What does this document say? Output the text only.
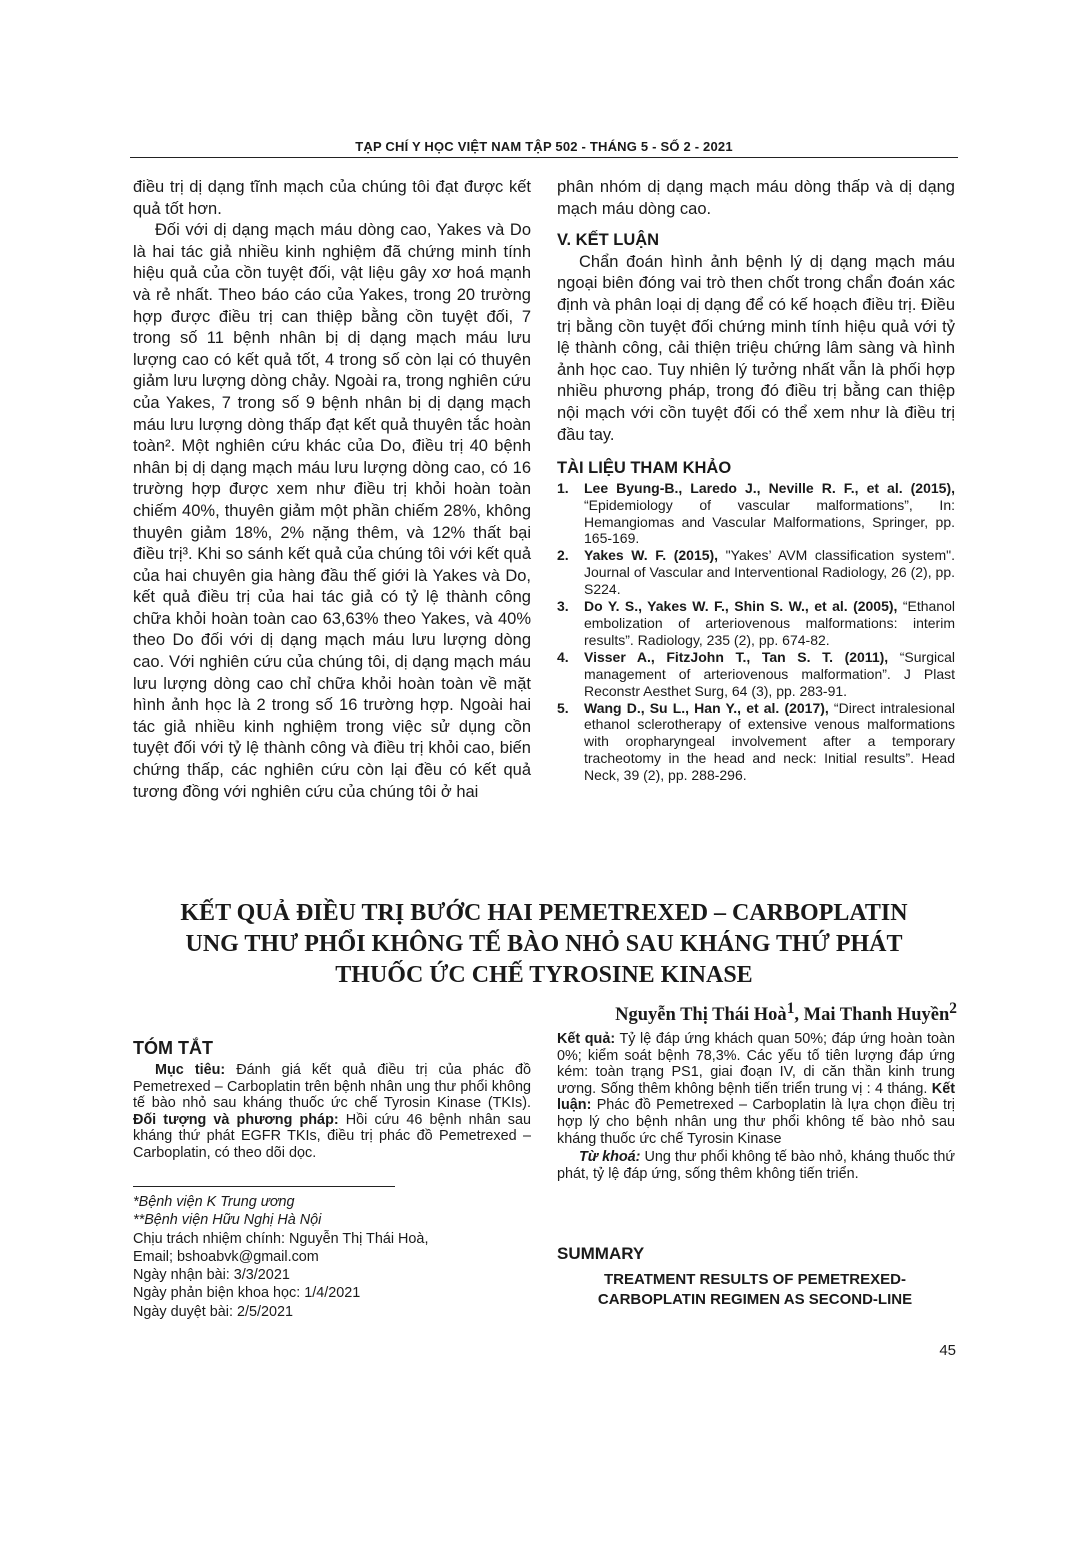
TẠP CHÍ Y HỌC VIỆT NAM TẬP 502 - THÁNG 5 - SỐ 2 - 2021

điều trị dị dạng tĩnh mạch của chúng tôi đạt được kết quả tốt hơn.

Đối với dị dạng mạch máu dòng cao, Yakes và Do là hai tác giả nhiều kinh nghiệm đã chứng minh tính hiệu quả của cồn tuyệt đối, vật liệu gây xơ hoá mạnh và rẻ nhất. Theo báo cáo của Yakes, trong 20 trường hợp được điều trị can thiệp bằng cồn tuyệt đối, 7 trong số 11 bệnh nhân bị dị dạng mạch máu lưu lượng cao có kết quả tốt, 4 trong số còn lại có thuyên giảm lưu lượng dòng chảy. Ngoài ra, trong nghiên cứu của Yakes, 7 trong số 9 bệnh nhân bị dị dạng mạch máu lưu lượng dòng thấp đạt kết quả thuyên tắc hoàn toàn². Một nghiên cứu khác của Do, điều trị 40 bệnh nhân bị dị dạng mạch máu lưu lượng dòng cao, có 16 trường hợp được xem như điều trị khỏi hoàn toàn chiếm 40%, thuyên giảm một phần chiếm 28%, không thuyên giảm 18%, 2% nặng thêm, và 12% thất bại điều trị³. Khi so sánh kết quả của chúng tôi với kết quả của hai chuyên gia hàng đầu thế giới là Yakes và Do, kết quả điều trị của hai tác giả có tỷ lệ thành công chữa khỏi hoàn toàn cao 63,63% theo Yakes, và 40% theo Do đối với dị dạng mạch máu lưu lượng dòng cao. Với nghiên cứu của chúng tôi, dị dạng mạch máu lưu lượng dòng cao chỉ chữa khỏi hoàn toàn về mặt hình ảnh học là 2 trong số 16 trường hợp. Ngoài hai tác giả nhiều kinh nghiệm trong việc sử dụng cồn tuyệt đối với tỷ lệ thành công và điều trị khỏi cao, biến chứng thấp, các nghiên cứu còn lại đều có kết quả tương đồng với nghiên cứu của chúng tôi ở hai

phân nhóm dị dạng mạch máu dòng thấp và dị dạng mạch máu dòng cao.

V. KẾT LUẬN

Chẩn đoán hình ảnh bệnh lý dị dạng mạch máu ngoại biên đóng vai trò then chốt trong chẩn đoán xác định và phân loại dị dạng để có kế hoạch điều trị. Điều trị bằng cồn tuyệt đối chứng minh tính hiệu quả với tỷ lệ thành công, cải thiện triệu chứng lâm sàng và hình ảnh học cao. Tuy nhiên lý tưởng nhất vẫn là phối hợp nhiều phương pháp, trong đó điều trị bằng can thiệp nội mạch với cồn tuyệt đối có thể xem như là điều trị đầu tay.

TÀI LIỆU THAM KHẢO

1.	Lee Byung-B., Laredo J., Neville R. F., et al. (2015), “Epidemiology of vascular malformations”, In: Hemangiomas and Vascular Malformations, Springer, pp. 165-169.
2.	Yakes W. F. (2015), "Yakes’ AVM classification system". Journal of Vascular and Interventional Radiology, 26 (2), pp. S224.
3.	Do Y. S., Yakes W. F., Shin S. W., et al. (2005), “Ethanol embolization of arteriovenous malformations: interim results”. Radiology, 235 (2), pp. 674-82.
4.	Visser A., FitzJohn T., Tan S. T. (2011), “Surgical management of arteriovenous malformation”. J Plast Reconstr Aesthet Surg, 64 (3), pp. 283-91.
5.	Wang D., Su L., Han Y., et al. (2017), “Direct intralesional ethanol sclerotherapy of extensive venous malformations with oropharyngeal involvement after a temporary tracheotomy in the head and neck: Initial results”. Head Neck, 39 (2), pp. 288-296.
KẾT QUẢ ĐIỀU TRỊ BƯỚC HAI PEMETREXED – CARBOPLATIN
UNG THƯ PHỔI KHÔNG TẾ BÀO NHỎ SAU KHÁNG THỨ PHÁT
THUỐC ỨC CHẾ TYROSINE KINASE
Nguyễn Thị Thái Hoà$^1$, Mai Thanh Huyền$^2$
TÓM TẮT

Mục tiêu: Đánh giá kết quả điều trị của phác đồ Pemetrexed – Carboplatin trên bệnh nhân ung thư phổi không tế bào nhỏ sau kháng thuốc ức chế Tyrosin Kinase (TKIs). Đối tượng và phương pháp: Hồi cứu 46 bệnh nhân sau kháng thứ phát EGFR TKIs, điều trị phác đồ Pemetrexed – Carboplatin, có theo dõi dọc.

Kết quả: Tỷ lệ đáp ứng khách quan 50%; đáp ứng hoàn toàn 0%; kiểm soát bệnh 78,3%. Các yếu tố tiên lượng đáp ứng kém: toàn trạng PS1, giai đoạn IV, di căn thần kinh trung ương. Sống thêm không bệnh tiến triển trung vị : 4 tháng. Kết luận: Phác đồ Pemetrexed – Carboplatin là lựa chọn điều trị hợp lý cho bệnh nhân ung thư phổi không tế bào nhỏ sau kháng thuốc ức chế Tyrosin Kinase

Từ khoá: Ung thư phổi không tế bào nhỏ, kháng thuốc thứ phát, tỷ lệ đáp ứng, sống thêm không tiến triển.

*Bệnh viện K Trung ương
**Bệnh viện Hữu Nghị Hà Nội
Chịu trách nhiệm chính: Nguyễn Thị Thái Hoà,
Email; bshoabvk@gmail.com
Ngày nhận bài: 3/3/2021
Ngày phản biện khoa học: 1/4/2021
Ngày duyệt bài: 2/5/2021
SUMMARY
TREATMENT RESULTS OF PEMETREXED-
CARBOPLATIN REGIMEN AS SECOND-LINE
45
